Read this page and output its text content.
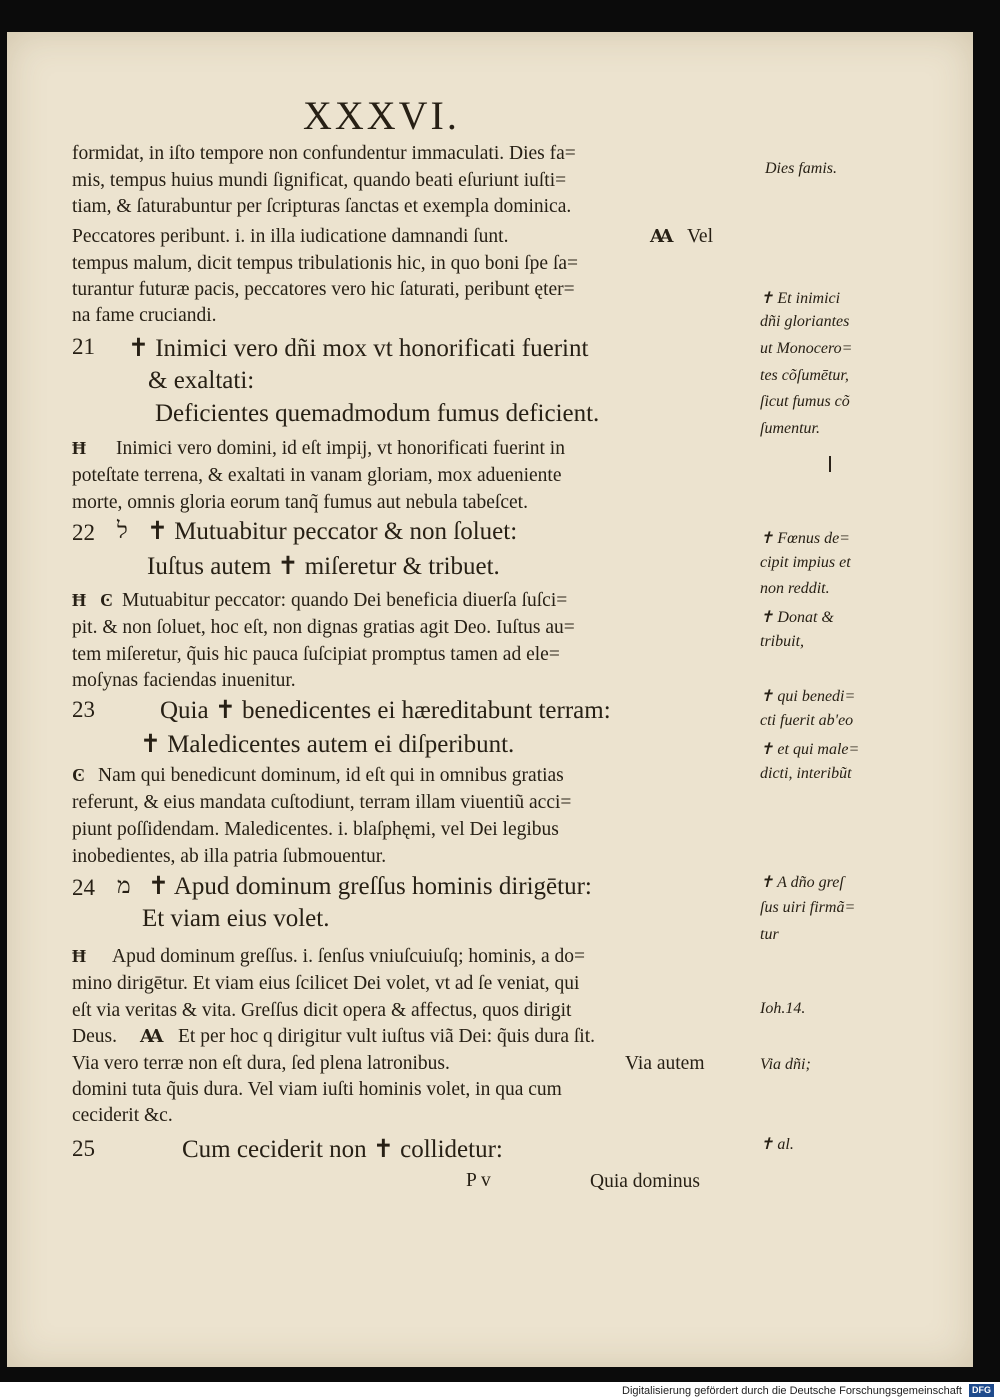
XXXVI.
formidat, in iſto tempore non confundentur immaculati. Dies fa=
mis, tempus huius mundi ſignificat, quando beati eſuriunt iuſti=
tiam, & ſaturabuntur per ſcripturas ſanctas et exempla dominica.
Peccatores peribunt. i. in illa iudicatione damnandi ſunt.	Ꜳ Vel
tempus malum, dicit tempus tribulationis hic, in quo boni ſpe ſa=
turantur futuræ pacis, peccatores vero hic ſaturati, peribunt ęter=
na fame cruciandi.
21 ✝ Inimici vero dñi mox vt honorificati fuerint
& exaltati:
Deficientes quemadmodum fumus deficient.
Ħ Inimici vero domini, id eſt impij, vt honorificati fuerint in
poteſtate terrena, & exaltati in vanam gloriam, mox adueniente
morte, omnis gloria eorum tanq̃ fumus aut nebula tabeſcet.
22 ל ✝ Mutuabitur peccator & non ſoluet:
Iuſtus autem ✝ miſeretur & tribuet.
Ħ Ͼ Mutuabitur peccator: quando Dei beneficia diuerſa ſuſci=
pit. & non ſoluet, hoc eſt, non dignas gratias agit Deo. Iuſtus au=
tem miſeretur, q̃uis hic pauca ſuſcipiat promptus tamen ad ele=
moſynas faciendas inuenitur.
23	Quia ✝ benedicentes ei hæreditabunt terram:
✝ Maledicentes autem ei diſperibunt.
Ͼ Nam qui benedicunt dominum, id eſt qui in omnibus gratias
referunt, & eius mandata cuſtodiunt, terram illam viuentiũ acci=
piunt poſſidendam. Maledicentes. i. blaſphęmi, vel Dei legibus
inobedientes, ab illa patria ſubmouentur.
24 מ ✝ Apud dominum greſſus hominis dirigētur:
Et viam eius volet.
Ħ Apud dominum greſſus. i. ſenſus vniuſcuiuſq; hominis, a do=
mino dirigētur. Et viam eius ſcilicet Dei volet, vt ad ſe veniat, qui
eſt via veritas & vita. Greſſus dicit opera & affectus, quos dirigit
Deus. Ꜳ Et per hoc q dirigitur vult iuſtus viã Dei: q̃uis dura ſit.
Via vero terræ non eſt dura, ſed plena latronibus.	Via autem
domini tuta q̃uis dura. Vel viam iuſti hominis volet, in qua cum
ceciderit &c.
25	Cum ceciderit non ✝ collidetur:
P v	Quia dominus
Dies famis.
✝ Et inimici
dñi gloriantes
ut Monocero=
tes cõſumētur,
ſicut fumus cõ
ſumentur.
✝ Fœnus de=
cipit impius et
non reddit.
✝ Donat &
tribuit,
✝ qui benedi=
cti fuerit ab'eo
✝ et qui male=
dicti, interibũt
✝ A dño greſ
ſus uiri firmã=
tur
Ioh.14.
Via dñi;
✝ al.
Digitalisierung gefördert durch die Deutsche Forschungsgemeinschaft	DFG
